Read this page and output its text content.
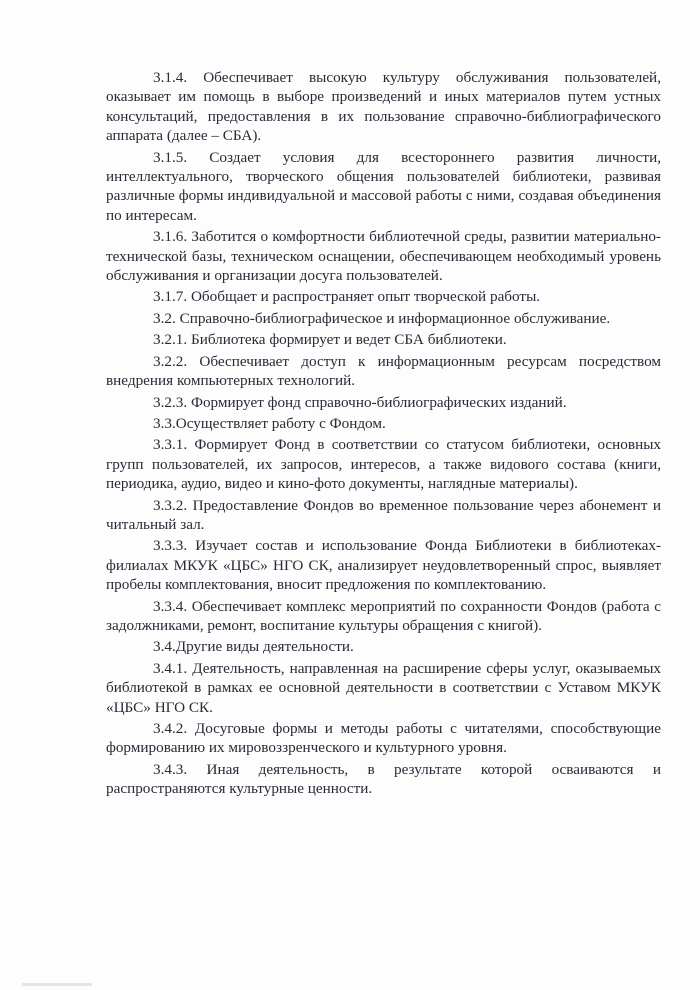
3.1.4. Обеспечивает высокую культуру обслуживания пользователей, оказывает им помощь в выборе произведений и иных материалов путем устных консультаций, предоставления в их пользование справочно-библиографического аппарата (далее – СБА).

3.1.5. Создает условия для всестороннего развития личности, интеллектуального, творческого общения пользователей библиотеки, развивая различные формы индивидуальной и массовой работы с ними, создавая объединения по интересам.

3.1.6. Заботится о комфортности библиотечной среды, развитии материально-технической базы, техническом оснащении, обеспечивающем необходимый уровень обслуживания и организации досуга пользователей.

3.1.7. Обобщает и распространяет опыт творческой работы.

3.2. Справочно-библиографическое и информационное обслуживание.

3.2.1. Библиотека формирует и ведет СБА библиотеки.

3.2.2. Обеспечивает доступ к информационным ресурсам посредством внедрения компьютерных технологий.

3.2.3. Формирует фонд справочно-библиографических изданий.

3.3.Осуществляет работу с Фондом.

3.3.1. Формирует Фонд в соответствии со статусом библиотеки, основных групп пользователей, их запросов, интересов, а также видового состава (книги, периодика, аудио, видео и кино-фото документы, наглядные материалы).

3.3.2. Предоставление Фондов во временное пользование через абонемент и читальный зал.

3.3.3. Изучает состав и использование Фонда Библиотеки в библиотеках-филиалах МКУК «ЦБС» НГО СК, анализирует неудовлетворенный спрос, выявляет пробелы комплектования, вносит предложения по комплектованию.

3.3.4. Обеспечивает комплекс мероприятий по сохранности Фондов (работа с задолжниками, ремонт, воспитание культуры обращения с книгой).

3.4.Другие виды деятельности.

3.4.1. Деятельность, направленная на расширение сферы услуг, оказываемых библиотекой в рамках ее основной деятельности в соответствии с Уставом МКУК «ЦБС» НГО СК.

3.4.2. Досуговые формы и методы работы с читателями, способствующие формированию их мировоззренческого и культурного уровня.

3.4.3. Иная деятельность, в результате которой осваиваются и распространяются культурные ценности.
